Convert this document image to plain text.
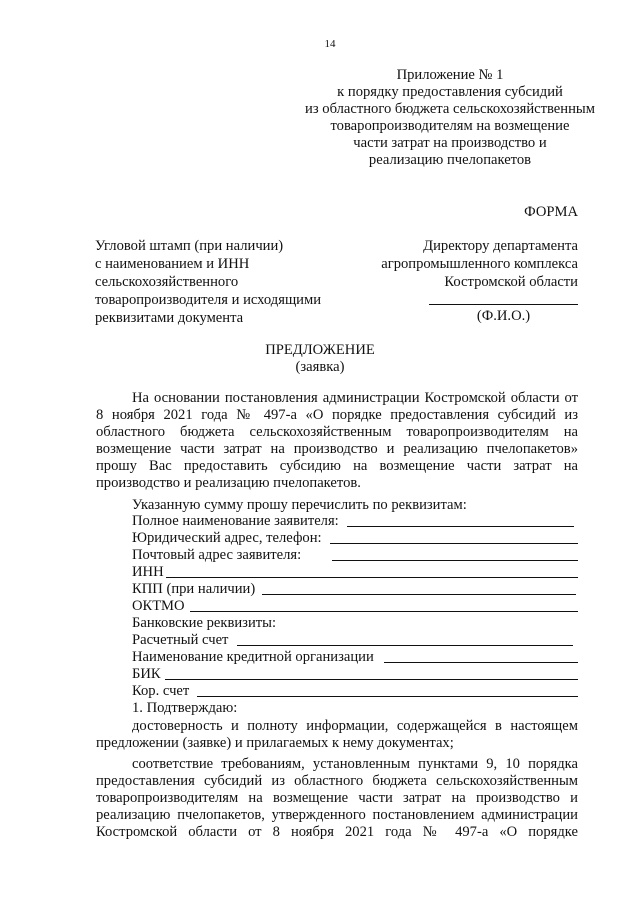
14
Приложение № 1
к порядку предоставления субсидий
из областного бюджета сельскохозяйственным
товаропроизводителям на возмещение
части затрат на производство и
реализацию пчелопакетов
ФОРМА
Угловой штамп (при наличии)
с наименованием и ИНН
сельскохозяйственного
товаропроизводителя и исходящими
реквизитами документа
Директору департамента
агропромышленного комплекса
Костромской области
(Ф.И.О.)
ПРЕДЛОЖЕНИЕ
(заявка)
На основании постановления администрации Костромской области от
8 ноября 2021 года № 497-а «О порядке предоставления субсидий из
областного бюджета сельскохозяйственным товаропроизводителям на
возмещение части затрат на производство и реализацию пчелопакетов»
прошу Вас предоставить субсидию на возмещение части затрат на
производство и реализацию пчелопакетов.
Указанную сумму прошу перечислить по реквизитам:
Полное наименование заявителя:
Юридический адрес, телефон:
Почтовый адрес заявителя:
ИНН
КПП (при наличии)
ОКТМО
Банковские реквизиты:
Расчетный счет
Наименование кредитной организации
БИК
Кор. счет
1. Подтверждаю:
достоверность и полноту информации, содержащейся в настоящем
предложении (заявке) и прилагаемых к нему документах;
соответствие требованиям, установленным пунктами 9, 10 порядка
предоставления субсидий из областного бюджета сельскохозяйственным
товаропроизводителям на возмещение части затрат на производство и
реализацию пчелопакетов, утвержденного постановлением администрации
Костромской области от 8 ноября 2021 года № 497-а «О порядке
